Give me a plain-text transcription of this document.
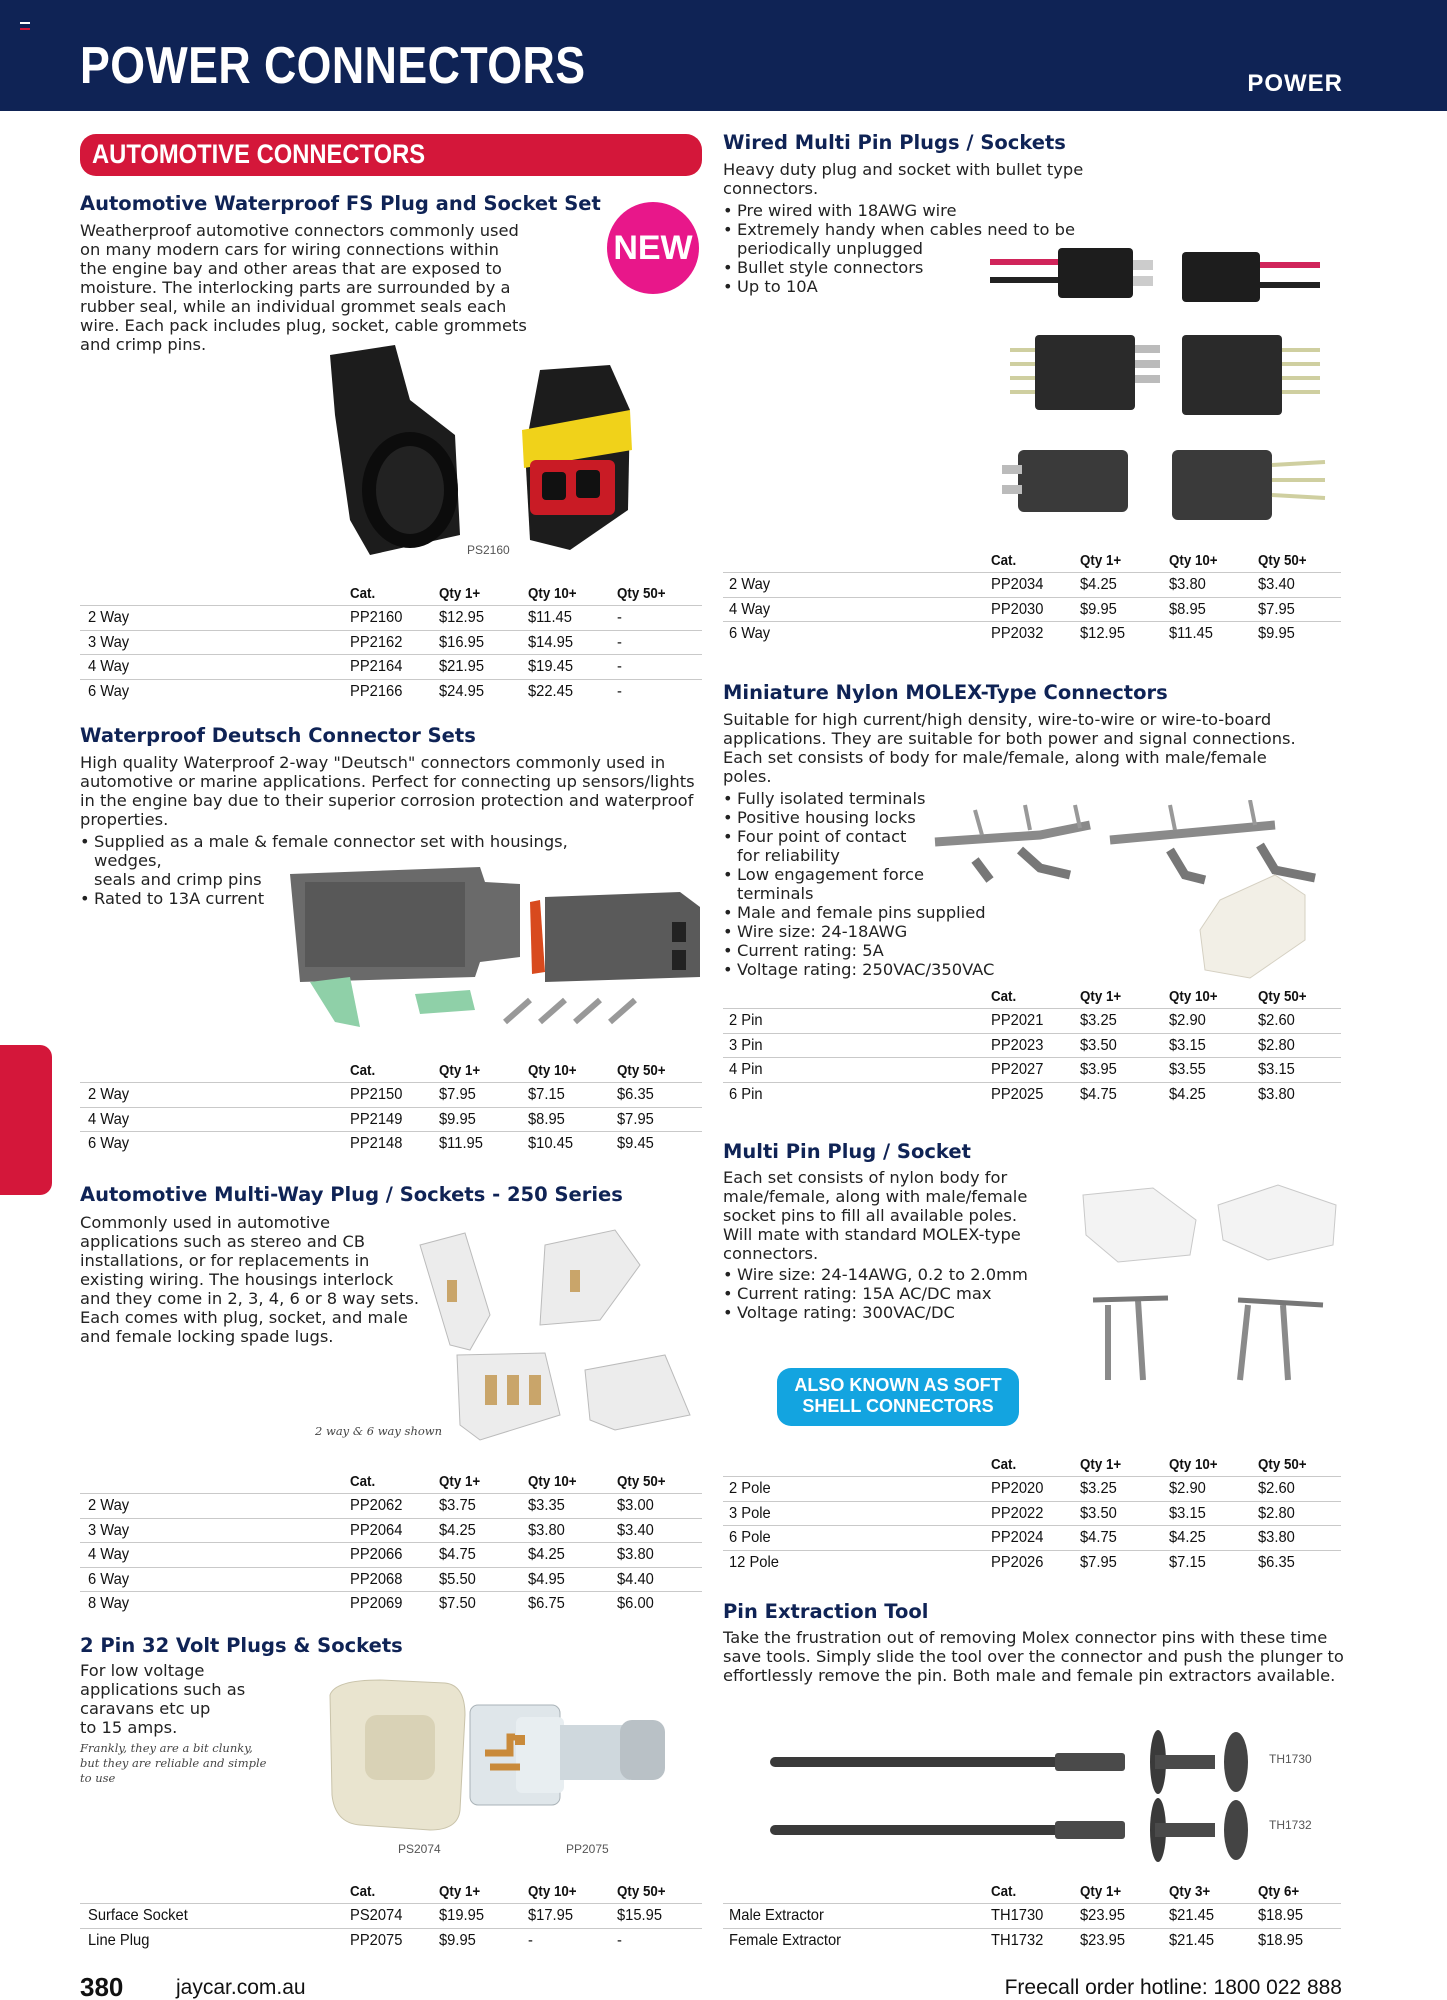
POWER CONNECTORS	POWER
AUTOMOTIVE CONNECTORS
Automotive Waterproof FS Plug and Socket Set
Weatherproof automotive connectors commonly used
on many modern cars for wiring connections within
the engine bay and other areas that are exposed to
moisture. The interlocking parts are surrounded by a
rubber seal, while an individual grommet seals each
wire. Each pack includes plug, socket, cable grommets
and crimp pins.
NEW
PS2160
Cat.	Qty 1+	Qty 10+	Qty 50+
2 Way	PP2160 $12.95	$11.45	-
3 Way	PP2162 $16.95	$14.95	-
4 Way	PP2164 $21.95	$19.45	-
6 Way	PP2166 $24.95	$22.45	-
Waterproof Deutsch Connector Sets
High quality Waterproof 2-way "Deutsch" connectors commonly used in
automotive or marine applications. Perfect for connecting up sensors/lights
in the engine bay due to their superior corrosion protection and waterproof
properties.
• Supplied as a male & female connector set with housings, wedges,
seals and crimp pins
• Rated to 13A current
Cat.	Qty 1+	Qty 10+	Qty 50+
2 Way	PP2150 $7.95	$7.15	$6.35
4 Way	PP2149 $9.95	$8.95	$7.95
6 Way	PP2148 $11.95	$10.45	$9.45
Automotive Multi-Way Plug / Sockets - 250 Series
Commonly used in automotive
applications such as stereo and CB
installations, or for replacements in
existing wiring. The housings interlock
and they come in 2, 3, 4, 6 or 8 way sets.
Each comes with plug, socket, and male
and female locking spade lugs.
2 way & 6 way shown
Cat.	Qty 1+	Qty 10+	Qty 50+
2 Way	PP2062 $3.75	$3.35	$3.00
3 Way	PP2064 $4.25	$3.80	$3.40
4 Way	PP2066 $4.75	$4.25	$3.80
6 Way	PP2068 $5.50	$4.95	$4.40
8 Way	PP2069 $7.50	$6.75	$6.00
2 Pin 32 Volt Plugs & Sockets
For low voltage
applications such as
caravans etc up
to 15 amps.
Frankly, they are a bit clunky,
but they are reliable and simple
to use
PS2074	PP2075
Cat.	Qty 1+	Qty 10+	Qty 50+
Surface Socket	PS2074 $19.95	$17.95	$15.95
Line Plug	PP2075 $9.95	-	-
Wired Multi Pin Plugs / Sockets
Heavy duty plug and socket with bullet type
connectors.
• Pre wired with 18AWG wire
• Extremely handy when cables need to be
periodically unplugged
• Bullet style connectors
• Up to 10A
Cat.	Qty 1+	Qty 10+	Qty 50+
2 Way	PP2034 $4.25	$3.80	$3.40
4 Way	PP2030 $9.95	$8.95	$7.95
6 Way	PP2032 $12.95	$11.45	$9.95
Miniature Nylon MOLEX-Type Connectors
Suitable for high current/high density, wire-to-wire or wire-to-board
applications. They are suitable for both power and signal connections.
Each set consists of body for male/female, along with male/female
poles.
• Fully isolated terminals
• Positive housing locks
• Four point of contact
for reliability
• Low engagement force
terminals
• Male and female pins supplied
• Wire size: 24-18AWG
• Current rating: 5A
• Voltage rating: 250VAC/350VAC
Cat.	Qty 1+	Qty 10+	Qty 50+
2 Pin	PP2021 $3.25	$2.90	$2.60
3 Pin	PP2023 $3.50	$3.15	$2.80
4 Pin	PP2027 $3.95	$3.55	$3.15
6 Pin	PP2025 $4.75	$4.25	$3.80
Multi Pin Plug / Socket
Each set consists of nylon body for
male/female, along with male/female
socket pins to fill all available poles.
Will mate with standard MOLEX-type
connectors.
• Wire size: 24-14AWG, 0.2 to 2.0mm
• Current rating: 15A AC/DC max
• Voltage rating: 300VAC/DC
ALSO KNOWN AS SOFT
SHELL CONNECTORS
Cat.	Qty 1+	Qty 10+	Qty 50+
2 Pole	PP2020 $3.25	$2.90	$2.60
3 Pole	PP2022 $3.50	$3.15	$2.80
6 Pole	PP2024 $4.75	$4.25	$3.80
12 Pole	PP2026 $7.95	$7.15	$6.35
Pin Extraction Tool
Take the frustration out of removing Molex connector pins with these time
save tools. Simply slide the tool over the connector and push the plunger to
effortlessly remove the pin. Both male and female pin extractors available.
TH1730
TH1732
Cat.	Qty 1+	Qty 3+	Qty 6+
Male Extractor	TH1730 $23.95	$21.45	$18.95
Female Extractor	TH1732 $23.95	$21.45	$18.95
380	jaycar.com.au	Freecall order hotline: 1800 022 888
